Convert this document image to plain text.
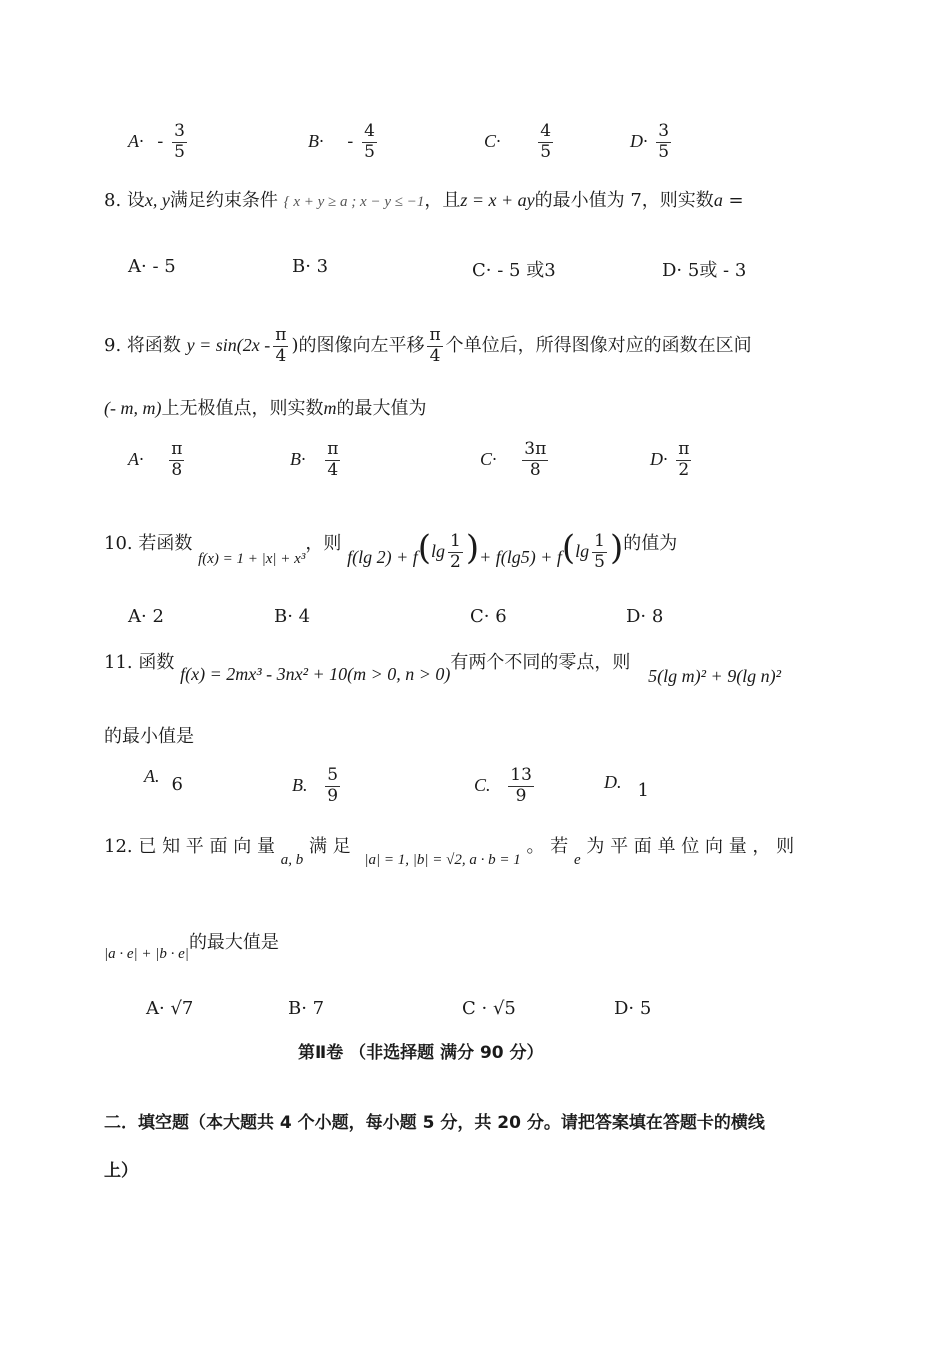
$A\cdot - \frac{3}{5}$	$B\cdot - \frac{4}{5}$	$C\cdot \frac{4}{5}$	$D\cdot \frac{3}{5}$
8. 设x, y满足约束条件 { x + y ≥ a ; x − y ≤ −1，且z = x + ay的最小值为 7，则实数a =
A· - 5	B· 3	C· - 5 或3	D· 5或 - 3
9. 将函数 $y = \sin(2x - \frac{\pi}{4}$ )的图像向左平移 $\frac{\pi}{4}$ 个单位后，所得图像对应的函数在区间
(- m, m)上无极值点，则实数m的最大值为
$A\cdot \frac{\pi}{8}$	$B\cdot \frac{\pi}{4}$	$C\cdot \frac{3\pi}{8}$	$D\cdot \frac{\pi}{2}$
10. 若函数 $_{f(x) = 1 + |x| + x^3}$，则 f(lg $2) + f(\lg \frac{1}{2}$ )+ $f(\lg 5) + f(\lg \frac{1}{5}$ )的值为
A· 2	B· 4	C· 6	D· 8
11. 函数 f(x) = 2mx³ - 3nx² + 10(m > 0, n > 0)有两个不同的零点，则 5(lg m)² + 9(lg n)²
的最小值是
A. 6	B. $\frac{5}{9}$	C. $\frac{13}{9}$	D. 1
12. 已 知 平 面 向 量 $_{a, b}$ 满 足 $_{|a| = 1, |b| = √2, a \cdot b = 1}$ 。 若 $_e$ 为 平 面 单 位 向 量 ， 则
$_{|a \cdot e| + |b \cdot e|}$的最大值是
A· √7	B· 7	C · √5	D· 5
第Ⅱ卷 （非选择题 满分 90 分）
二．填空题（本大题共 4 个小题，每小题 5 分，共 20 分。请把答案填在答题卡的横线
上）
